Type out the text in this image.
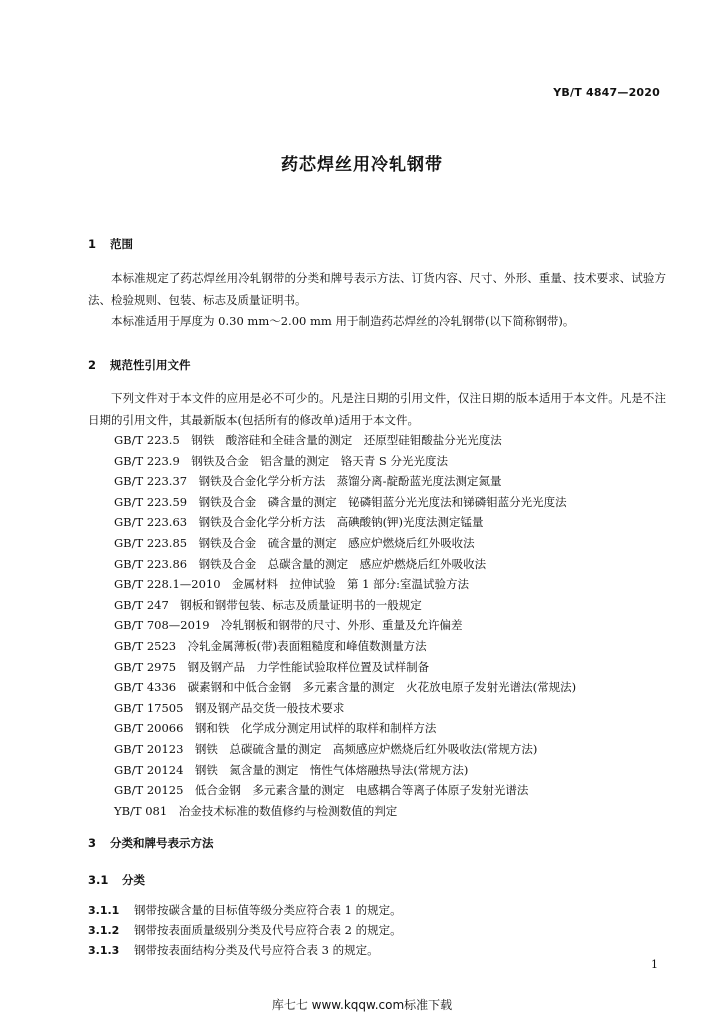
YB/T 4847—2020
药芯焊丝用冷轧钢带
1 范围

本标准规定了药芯焊丝用冷轧钢带的分类和牌号表示方法、订货内容、尺寸、外形、重量、技术要求、试验方法、检验规则、包装、标志及质量证明书。

本标准适用于厚度为 0.30 mm～2.00 mm 用于制造药芯焊丝的冷轧钢带(以下简称钢带)。

2 规范性引用文件

下列文件对于本文件的应用是必不可少的。凡是注日期的引用文件，仅注日期的版本适用于本文件。凡是不注日期的引用文件，其最新版本(包括所有的修改单)适用于本文件。

GB/T 223.5　钢铁　酸溶硅和全硅含量的测定　还原型硅钼酸盐分光光度法
GB/T 223.9　钢铁及合金　铝含量的测定　铬天青 S 分光光度法
GB/T 223.37　钢铁及合金化学分析方法　蒸馏分离-靛酚蓝光度法测定氮量
GB/T 223.59　钢铁及合金　磷含量的测定　铋磷钼蓝分光光度法和锑磷钼蓝分光光度法
GB/T 223.63　钢铁及合金化学分析方法　高碘酸钠(钾)光度法测定锰量
GB/T 223.85　钢铁及合金　硫含量的测定　感应炉燃烧后红外吸收法
GB/T 223.86　钢铁及合金　总碳含量的测定　感应炉燃烧后红外吸收法
GB/T 228.1—2010　金属材料　拉伸试验　第 1 部分:室温试验方法
GB/T 247　钢板和钢带包装、标志及质量证明书的一般规定
GB/T 708—2019　冷轧钢板和钢带的尺寸、外形、重量及允许偏差
GB/T 2523　冷轧金属薄板(带)表面粗糙度和峰值数测量方法
GB/T 2975　钢及钢产品　力学性能试验取样位置及试样制备
GB/T 4336　碳素钢和中低合金钢　多元素含量的测定　火花放电原子发射光谱法(常规法)
GB/T 17505　钢及钢产品交货一般技术要求
GB/T 20066　钢和铁　化学成分测定用试样的取样和制样方法
GB/T 20123　钢铁　总碳硫含量的测定　高频感应炉燃烧后红外吸收法(常规方法)
GB/T 20124　钢铁　氮含量的测定　惰性气体熔融热导法(常规方法)
GB/T 20125　低合金钢　多元素含量的测定　电感耦合等离子体原子发射光谱法
YB/T 081　冶金技术标准的数值修约与检测数值的判定
3 分类和牌号表示方法
3.1 分类
3.1.1 钢带按碳含量的目标值等级分类应符合表 1 的规定。
3.1.2 钢带按表面质量级别分类及代号应符合表 2 的规定。
3.1.3 钢带按表面结构分类及代号应符合表 3 的规定。
1
库七七 www.kqqw.com标准下载
